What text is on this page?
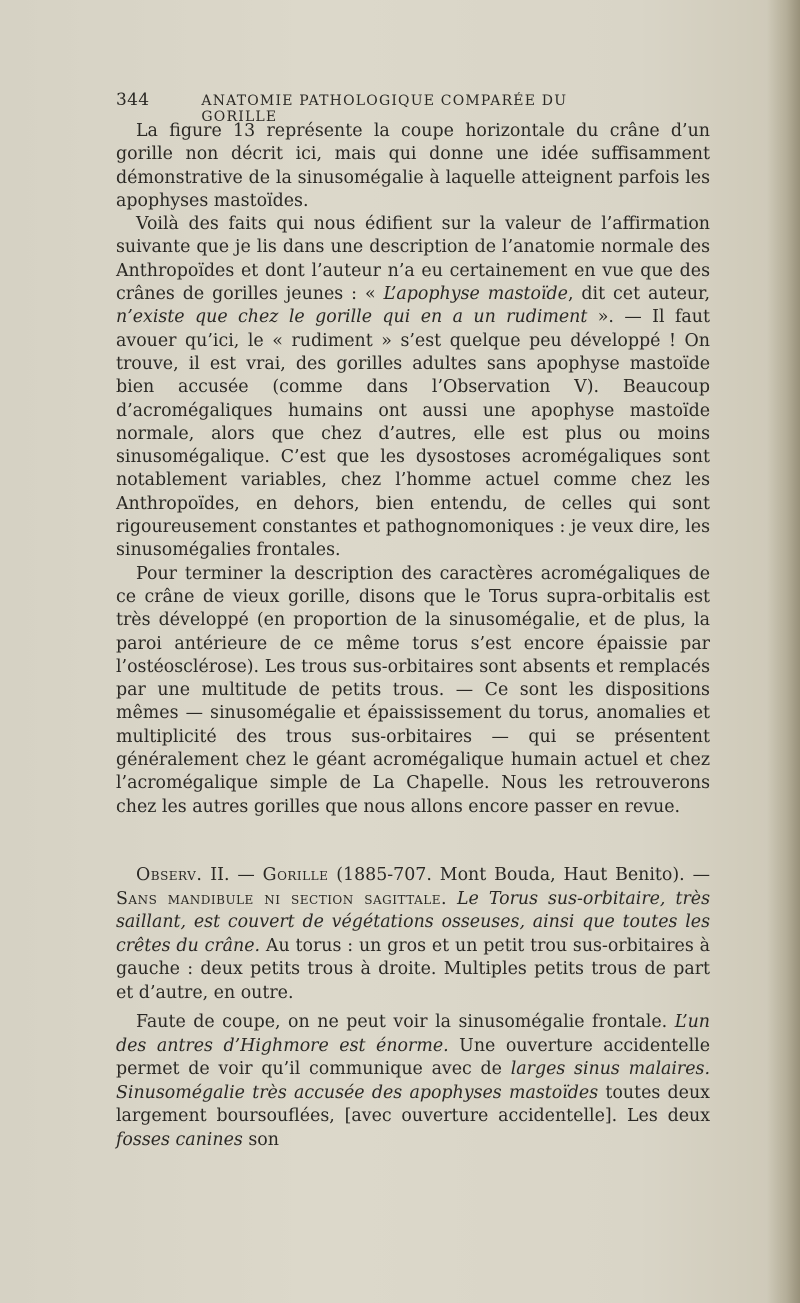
344	ANATOMIE PATHOLOGIQUE COMPARÉE DU GORILLE

La figure 13 représente la coupe horizontale du crâne d’un gorille non décrit ici, mais qui donne une idée suffisamment démonstrative de la sinusomégalie à laquelle atteignent parfois les apophyses mastoïdes.

Voilà des faits qui nous édifient sur la valeur de l’affirmation suivante que je lis dans une description de l’anatomie normale des Anthropoïdes et dont l’auteur n’a eu certainement en vue que des crânes de gorilles jeunes : « L’apophyse mastoïde, dit cet auteur, n’existe que chez le gorille qui en a un rudiment ». — Il faut avouer qu’ici, le « rudiment » s’est quelque peu développé ! On trouve, il est vrai, des gorilles adultes sans apophyse mastoïde bien accusée (comme dans l’Observation V). Beaucoup d’acromégaliques humains ont aussi une apophyse mastoïde normale, alors que chez d’autres, elle est plus ou moins sinusomégalique. C’est que les dysostoses acromégaliques sont notablement variables, chez l’homme actuel comme chez les Anthropoïdes, en dehors, bien entendu, de celles qui sont rigoureusement constantes et pathognomoniques : je veux dire, les sinusomégalies frontales.

Pour terminer la description des caractères acromégaliques de ce crâne de vieux gorille, disons que le Torus supra-orbitalis est très développé (en proportion de la sinusomégalie, et de plus, la paroi antérieure de ce même torus s’est encore épaissie par l’ostéosclérose). Les trous sus-orbitaires sont absents et remplacés par une multitude de petits trous. — Ce sont les dispositions mêmes — sinusomégalie et épaississement du torus, anomalies et multiplicité des trous sus-orbitaires — qui se présentent généralement chez le géant acromégalique humain actuel et chez l’acromégalique simple de La Chapelle. Nous les retrouverons chez les autres gorilles que nous allons encore passer en revue.

Observ. II. — Gorille (1885-707. Mont Bouda, Haut Benito). — Sans mandibule ni section sagittale. Le Torus sus-orbitaire, très saillant, est couvert de végétations osseuses, ainsi que toutes les crêtes du crâne. Au torus : un gros et un petit trou sus-orbitaires à gauche : deux petits trous à droite. Multiples petits trous de part et d’autre, en outre.

Faute de coupe, on ne peut voir la sinusomégalie frontale. L’un des antres d’Highmore est énorme. Une ouverture accidentelle permet de voir qu’il communique avec de larges sinus malaires. Sinusomégalie très accusée des apophyses mastoïdes toutes deux largement boursouflées, [avec ouverture accidentelle]. Les deux fosses canines son
